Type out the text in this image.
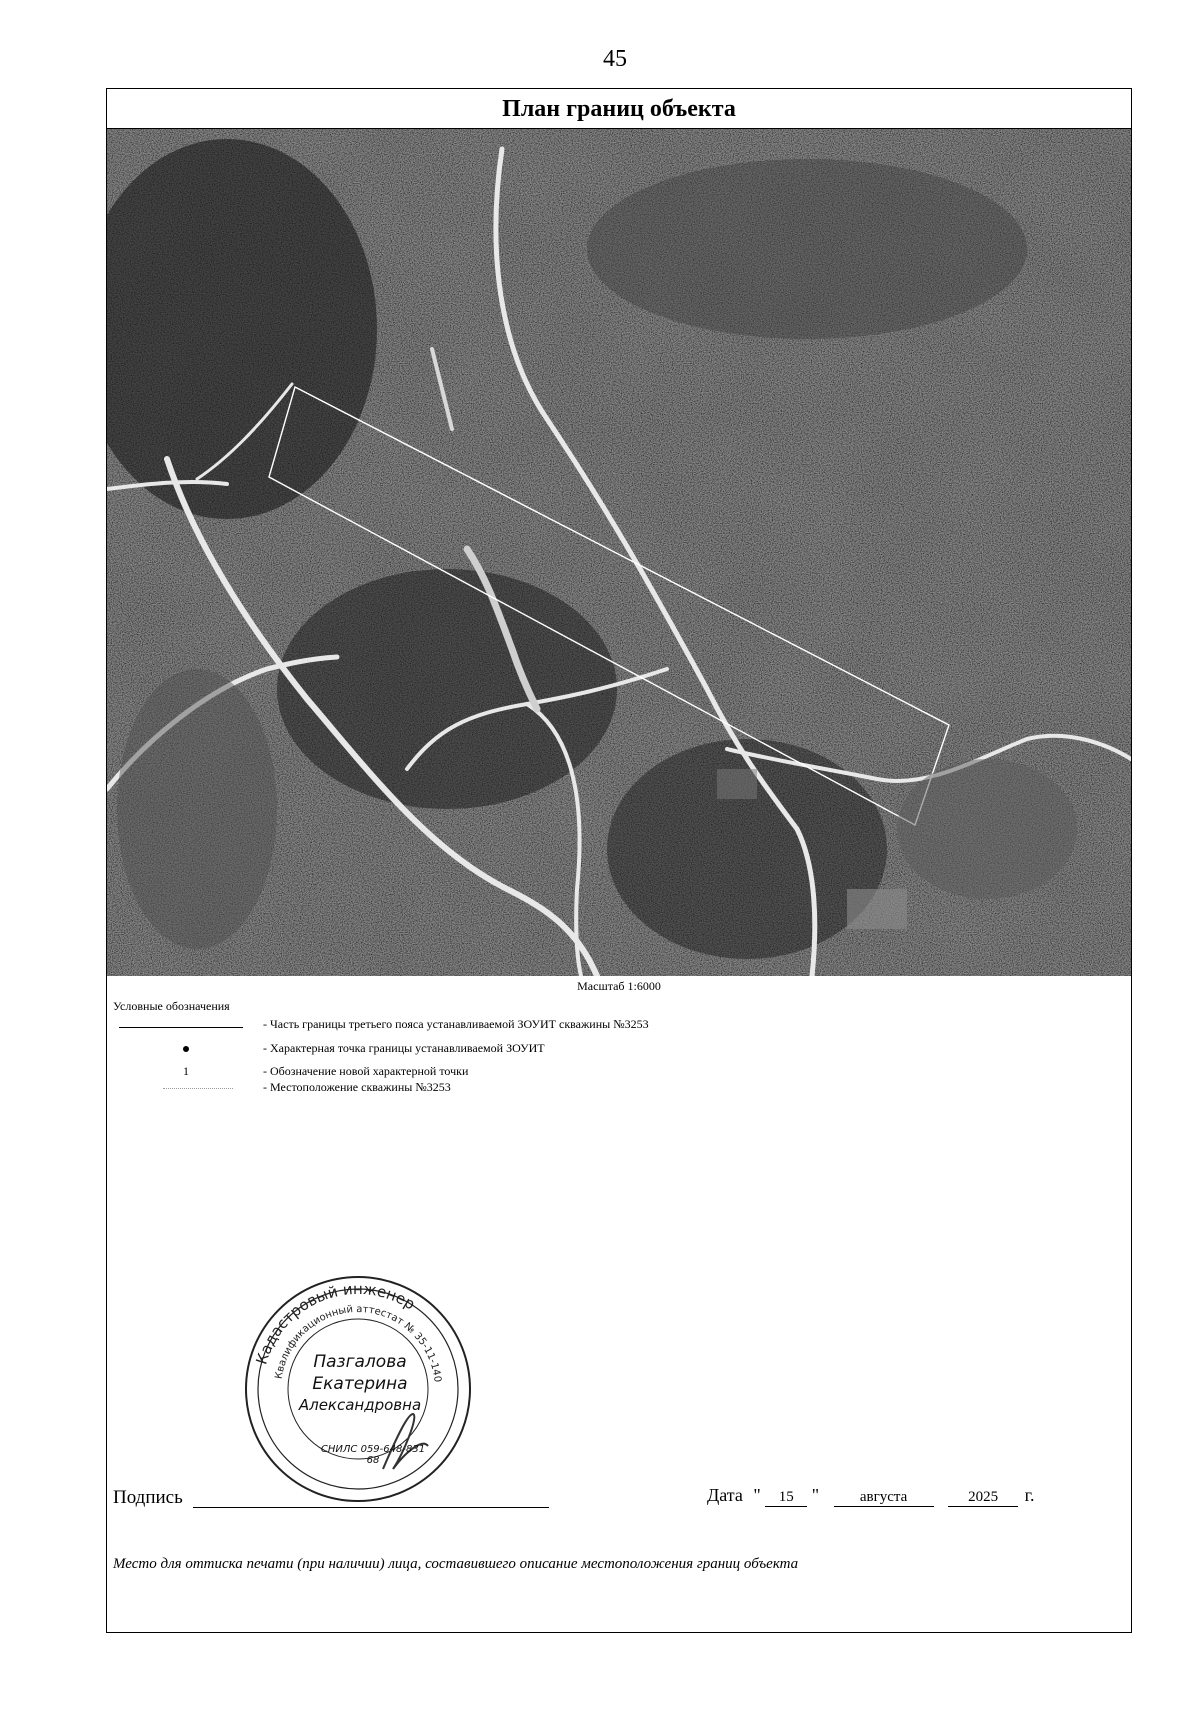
45
План границ объекта
Масштаб 1:6000
Условные обозначения
- Часть границы третьего пояса устанавливаемой ЗОУИТ скважины №3253
- Характерная точка границы устанавливаемой ЗОУИТ
1	- Обозначение новой характерной точки
- Местоположение скважины №3253
Кадастровый инженер
Квалификационный аттестат № 35-11-140
Пазгалова
Екатерина
Александровна
СНИЛС 059-648-831 68
Подпись	Дата " 15 "	августа	2025 г.
Место для оттиска печати (при наличии) лица, составившего описание местоположения границ объекта
